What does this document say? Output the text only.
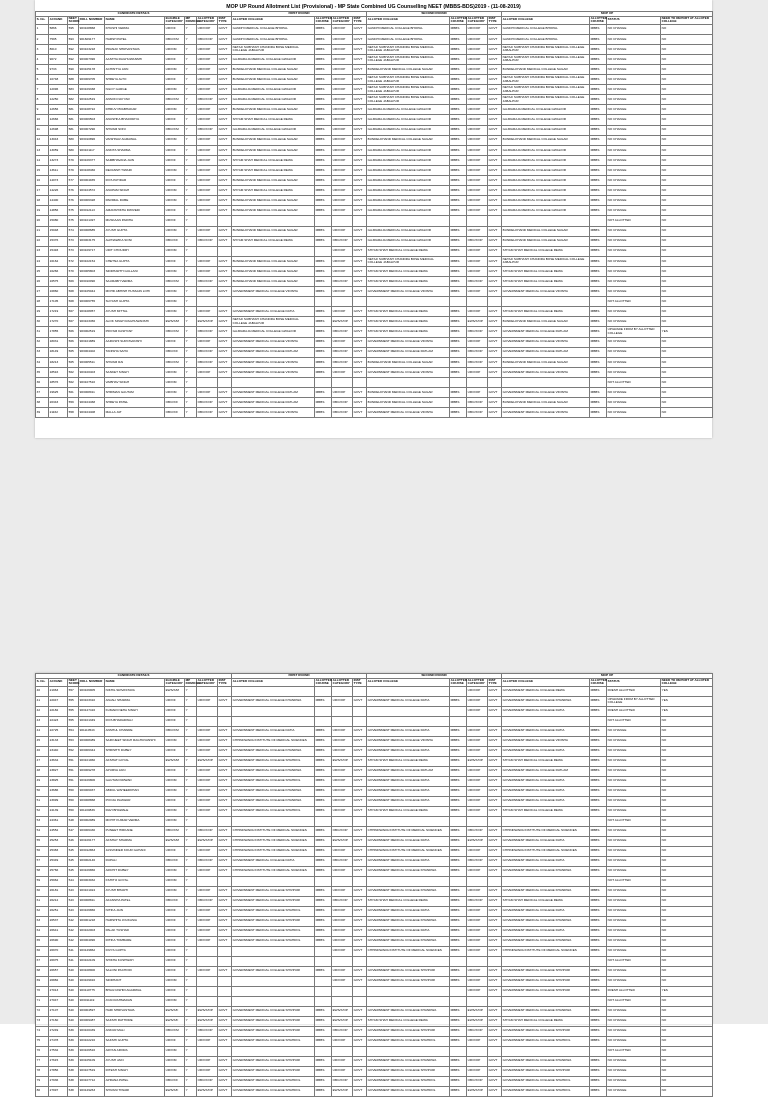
MOP UP Round Allotment List (Provisional) - MP State Combined UG Counselling NEET (MBBS-BDS)2019 - (11-08-2019)
CANDIDATE DETAILS									FIRST ROUND				SECOND ROUND				MOP UP			
S. No.	AI RANK	NEET SCORE	ROLL NUMBER	NAME	ELIGIBLE CATEGORY	MP DOMICILE	ALLOTTED CATEGORY	INST TYPE	ALLOTED COLLEGE	ALLOTTED COURSE	ALLOTTED CATEGORY	INST TYPE	ALLOTED COLLEGE	ALLOTTED COURSE	ALLOTTED CATEGORY	INST TYPE	ALLOTED COLLEGE	ALLOTTED COURSE	STATUS	NEED TO REPORT AT ALLOTED COLLEGE
1	5866	595	903108868	KHUSHI VERMA	UR/X/F	Y	UR/X/OP	GOVT	GANDHI MEDICAL COLLEGE BHOPAL	MBBS	UR/X/OP	GOVT	GANDHI MEDICAL COLLEGE BHOPAL	MBBS	UR/X/OP	GOVT	GANDHI MEDICAL COLLEGE BHOPAL	MBBS	NO CHANGE	NO
2	7595	593	901609177	HARSH PATEL	OBC/X/M	Y	OBC/X/OP	GOVT	GANDHI MEDICAL COLLEGE BHOPAL	MBBS	UR/X/OP	GOVT	GANDHI MEDICAL COLLEGE BHOPAL	MBBS	UR/X/OP	GOVT	GANDHI MEDICAL COLLEGE BHOPAL	MBBS	NO CHANGE	NO
3	8610	592	903103218	PRANAV SHRIVASTAVA	UR/X/M	Y	UR/X/OP	GOVT	NETAJI SUBHASH CHANDRA BOSE MEDICAL COLLEGE JABALPUR	MBBS	UR/X/OP	GOVT	NETAJI SUBHASH CHANDRA BOSE MEDICAL COLLEGE JABALPUR	MBBS	UR/X/OP	GOVT	NETAJI SUBHASH CHANDRA BOSE MEDICAL COLLEGE JABALPUR	MBBS	NO CHANGE	NO
4	9072	592	903007396	AASTHA RAGHUWANSHI	UR/X/F	Y	UR/X/OP	GOVT	GAJRARAJA MEDICAL COLLEGE GWALIOR	MBBS	UR/X/OP	GOVT	NETAJI SUBHASH CHANDRA BOSE MEDICAL COLLEGE JABALPUR	MBBS	UR/X/OP	GOVT	NETAJI SUBHASH CHANDRA BOSE MEDICAL COLLEGE JABALPUR	MBBS	NO CHANGE	NO
5	9733	590	903105178	ACHINTYA JAIN	UR/X/M	Y	UR/X/OP	GOVT	BUNDELKHAND MEDICAL COLLEGE SAGAR	MBBS	UR/X/OP	GOVT	BUNDELKHAND MEDICAL COLLEGE SAGAR	MBBS	UR/X/OP	GOVT	BUNDELKHAND MEDICAL COLLEGE SAGAR	MBBS	NO CHANGE	NO
6	10748	588	903009705	SHREYA ALTO	UR/X/F	Y	UR/X/OP	GOVT	BUNDELKHAND MEDICAL COLLEGE SAGAR	MBBS	UR/X/OP	GOVT	NETAJI SUBHASH CHANDRA BOSE MEDICAL COLLEGE JABALPUR	MBBS	UR/X/OP	GOVT	NETAJI SUBHASH CHANDRA BOSE MEDICAL COLLEGE JABALPUR	MBBS	NO CHANGE	NO
7	12096	583	903109338	NILOY GARGE	UR/X/M	Y	UR/X/OP	GOVT	GAJRARAJA MEDICAL COLLEGE GWALIOR	MBBS	UR/X/OP	GOVT	NETAJI SUBHASH CHANDRA BOSE MEDICAL COLLEGE JABALPUR	MBBS	UR/X/OP	GOVT	NETAJI SUBHASH CHANDRA BOSE MEDICAL COLLEGE JABALPUR	MBBS	NO CHANGE	NO
8	12250	582	903102519	ANSON NAYYAR	OBC/X/M	Y	OBC/X/OP	GOVT	GAJRARAJA MEDICAL COLLEGE GWALIOR	MBBS	UR/X/OP	GOVT	NETAJI SUBHASH CHANDRA BOSE MEDICAL COLLEGE JABALPUR	MBBS	UR/X/OP	GOVT	NETAJI SUBHASH CHANDRA BOSE MEDICAL COLLEGE JABALPUR	MBBS	NO CHANGE	NO
9	12656	581	903108722	DHRUV PRABHAKAR	UR/X/M	Y	UR/X/OP	GOVT	BUNDELKHAND MEDICAL COLLEGE SAGAR	MBBS	UR/X/OP	GOVT	GAJRARAJA MEDICAL COLLEGE GWALIOR	MBBS	UR/X/OP	GOVT	GAJRARAJA MEDICAL COLLEGE GWALIOR	MBBS	NO CHANGE	NO
10	12666	581	903006503	ANUSHKA BHADORIYA	UR/X/F	Y	UR/X/OP	GOVT	SHYAM SHAH MEDICAL COLLEGE REWA	MBBS	UR/X/OP	GOVT	GAJRARAJA MEDICAL COLLEGE GWALIOR	MBBS	UR/X/OP	GOVT	GAJRARAJA MEDICAL COLLEGE GWALIOR	MBBS	NO CHANGE	NO
11	12698	581	903007290	SHIVAM SONI	OBC/X/M	Y	OBC/X/OP	GOVT	GAJRARAJA MEDICAL COLLEGE GWALIOR	MBBS	UR/X/OP	GOVT	GAJRARAJA MEDICAL COLLEGE GWALIOR	MBBS	UR/X/OP	GOVT	GAJRARAJA MEDICAL COLLEGE GWALIOR	MBBS	NO CHANGE	NO
12	13043	580	903010896	VAISHNAV AGRAWAL	UR/X/M	Y	UR/X/OP	GOVT	BUNDELKHAND MEDICAL COLLEGE SAGAR	MBBS	UR/X/OP	GOVT	BUNDELKHAND MEDICAL COLLEGE SAGAR	MBBS	UR/X/OP	GOVT	BUNDELKHAND MEDICAL COLLEGE SAGAR	MBBS	NO CHANGE	NO
13	13059	580	903101117	ANKITA SHARMA	UR/X/F	Y	UR/X/OP	GOVT	BUNDELKHAND MEDICAL COLLEGE SAGAR	MBBS	UR/X/OP	GOVT	GAJRARAJA MEDICAL COLLEGE GWALIOR	MBBS	UR/X/OP	GOVT	GAJRARAJA MEDICAL COLLEGE GWALIOR	MBBS	NO CHANGE	NO
14	13273	579	903106377	SAMBHAVANA JAIN	UR/X/F	Y	UR/X/OP	GOVT	SHYAM SHAH MEDICAL COLLEGE REWA	MBBS	UR/X/OP	GOVT	GAJRARAJA MEDICAL COLLEGE GWALIOR	MBBS	UR/X/OP	GOVT	GAJRARAJA MEDICAL COLLEGE GWALIOR	MBBS	NO CHANGE	NO
15	13611	579	903108466	DEVANSH TIWARI	UR/X/M	Y	UR/X/OP	GOVT	SHYAM SHAH MEDICAL COLLEGE REWA	MBBS	UR/X/OP	GOVT	GAJRARAJA MEDICAL COLLEGE GWALIOR	MBBS	UR/X/OP	GOVT	GAJRARAJA MEDICAL COLLEGE GWALIOR	MBBS	NO CHANGE	NO
16	14073	577	903004935	RIYA PATIDAR	UR/X/F	Y	UR/X/OP	GOVT	BUNDELKHAND MEDICAL COLLEGE SAGAR	MBBS	UR/X/OP	GOVT	GAJRARAJA MEDICAL COLLEGE GWALIOR	MBBS	UR/X/OP	GOVT	GAJRARAJA MEDICAL COLLEGE GWALIOR	MBBS	NO CHANGE	NO
17	14226	576	903104572	ANUPAM SINGH	UR/X/M	Y	UR/X/OP	GOVT	SHYAM SHAH MEDICAL COLLEGE REWA	MBBS	UR/X/OP	GOVT	GAJRARAJA MEDICAL COLLEGE GWALIOR	MBBS	UR/X/OP	GOVT	GAJRARAJA MEDICAL COLLEGE GWALIOR	MBBS	NO CHANGE	NO
18	14400	576	903006328	PARIMAL DUBE	UR/X/M	Y	UR/X/OP	GOVT	BUNDELKHAND MEDICAL COLLEGE SAGAR	MBBS	UR/X/OP	GOVT	GAJRARAJA MEDICAL COLLEGE GWALIOR	MBBS	UR/X/OP	GOVT	GAJRARAJA MEDICAL COLLEGE GWALIOR	MBBS	NO CHANGE	NO
19	14856	575	903012113	AMANSHIKHA DWIVEDI	UR/X/F	Y	UR/X/OP	GOVT	BUNDELKHAND MEDICAL COLLEGE SAGAR	MBBS	UR/X/OP	GOVT	GAJRARAJA MEDICAL COLLEGE GWALIOR	MBBS	UR/X/OP	GOVT	GAJRARAJA MEDICAL COLLEGE GWALIOR	MBBS	NO CHANGE	NO
20	15080	575	903101497	MUSKAAN PARIHA	UR/X/F	Y													NOT ALLOTTED	NO
21	15048	574	903008685	AYUSH GUPTA	UR/X/M	Y	UR/X/OP	GOVT	BUNDELKHAND MEDICAL COLLEGE SAGAR	MBBS	UR/X/OP	GOVT	GAJRARAJA MEDICAL COLLEGE GWALIOR	MBBS	UR/X/OP	GOVT	BUNDELKHAND MEDICAL COLLEGE SAGAR	MBBS	NO CHANGE	NO
22	15376	573	903003175	ALPNAWIKA SONI	OBC/X/F	Y	OBC/X/OP	GOVT	SHYAM SHAH MEDICAL COLLEGE REWA	MBBS	OBC/X/OP	GOVT	GAJRARAJA MEDICAL COLLEGE GWALIOR	MBBS	OBC/X/OP	GOVT	BUNDELKHAND MEDICAL COLLEGE SAGAR	MBBS	NO CHANGE	NO
23	15493	573	903109717	UDIT CHOUDRY	UR/X/M	Y					UR/X/OP	GOVT	SHYAM SHAH MEDICAL COLLEGE REWA	MBBS	UR/X/OP	GOVT	SHYAM SHAH MEDICAL COLLEGE REWA	MBBS	NO CHANGE	NO
24	16162	572	903102154	CHETNA GUPTA	UR/X/F	Y	UR/X/OP	GOVT	BUNDELKHAND MEDICAL COLLEGE SAGAR	MBBS	UR/X/OP	GOVT	NETAJI SUBHASH CHANDRA BOSE MEDICAL COLLEGE JABALPUR	MBBS	UR/X/OP	GOVT	NETAJI SUBHASH CHANDRA BOSE MEDICAL COLLEGE JABALPUR	MBBS	NO CHANGE	NO
25	16266	570	903005803	SIDDHARTH GULLANI	UR/X/M	Y	UR/X/OP	GOVT	BUNDELKHAND MEDICAL COLLEGE SAGAR	MBBS	UR/X/OP	GOVT	SHYAM SHAH MEDICAL COLLEGE REWA	MBBS	UR/X/OP	GOVT	SHYAM SHAH MEDICAL COLLEGE REWA	MBBS	NO CHANGE	NO
26	16575	569	903010090	SAURABH VERMA	OBC/X/M	Y	OBC/X/OP	GOVT	BUNDELKHAND MEDICAL COLLEGE SAGAR	MBBS	OBC/X/OP	GOVT	SHYAM SHAH MEDICAL COLLEGE REWA	MBBS	OBC/X/OP	GOVT	SHYAM SHAH MEDICAL COLLEGE REWA	MBBS	NO CHANGE	NO
27	16860	568	903105044	MOHD ABHISH HUSSAIN LOHI	UR/X/M	Y	UR/X/OP	GOVT	GOVERNMENT MEDICAL COLLEGE VIDISHA	MBBS	UR/X/OP	GOVT	GOVERNMENT MEDICAL COLLEGE VIDISHA	MBBS	UR/X/OP	GOVT	GOVERNMENT MEDICAL COLLEGE VIDISHA	MBBS	NO CHANGE	NO
28	17105	568	903006755	SUYASH GUPTA	UR/X/M	Y													NOT ALLOTTED	NO
29	17219	567	903108057	AYUSH MITTAL	UR/X/M	Y	UR/X/OP	GOVT	GOVERNMENT MEDICAL COLLEGE DATIA	MBBS	UR/X/OP	GOVT	SHYAM SHAH MEDICAL COLLEGE REWA	MBBS	UR/X/OP	GOVT	SHYAM SHAH MEDICAL COLLEGE REWA	MBBS	NO CHANGE	NO
30	17270	567	903103456	ALOK SINGH RAGHUWANSHI	EWS/X/M	Y	EWS/X/OP	GOVT	NETAJI SUBHASH CHANDRA BOSE MEDICAL COLLEGE JABALPUR	MBBS	EWS/X/OP	GOVT	SHYAM SHAH MEDICAL COLLEGE REWA	MBBS	EWS/X/OP	GOVT	BUNDELKHAND MEDICAL COLLEGE SAGAR	MBBS	NO CHANGE	NO
31	17855	566	903002519	PRIYAM KASHYAP	OBC/X/M	Y	OBC/X/OP	GOVT	GAJRARAJA MEDICAL COLLEGE GWALIOR	MBBS	OBC/X/OP	GOVT	SHYAM SHAH MEDICAL COLLEGE REWA	MBBS	OBC/X/OP	GOVT	GOVERNMENT MEDICAL COLLEGE RATLAM	MBBS	UPGRADE FROM BY ALLOTTED COLLEGE	YES
32	18031	566	903101889	AARUSHI SURYAVANSHI	UR/X/F	Y	UR/X/OP	GOVT	GOVERNMENT MEDICAL COLLEGE VIDISHA	MBBS	UR/X/OP	GOVT	GOVERNMENT MEDICAL COLLEGE VIDISHA	MBBS	UR/X/OP	GOVT	GOVERNMENT MEDICAL COLLEGE VIDISHA	MBBS	NO CHANGE	NO
33	18149	565	903004402	TANISHA SAHU	OBC/X/F	Y	OBC/X/OP	GOVT	GOVERNMENT MEDICAL COLLEGE RATLAM	MBBS	OBC/X/OP	GOVT	GOVERNMENT MEDICAL COLLEGE RATLAM	MBBS	OBC/X/OP	GOVT	GOVERNMENT MEDICAL COLLEGE RATLAM	MBBS	NO CHANGE	NO
34	18213	565	903005511	SHIVAM RAI	OBC/X/M	Y	OBC/X/OP	GOVT	GOVERNMENT MEDICAL COLLEGE VIDISHA	MBBS	OBC/X/OP	GOVT	BUNDELKHAND MEDICAL COLLEGE SAGAR	MBBS	OBC/X/OP	GOVT	BUNDELKHAND MEDICAL COLLEGE SAGAR	MBBS	NO CHANGE	NO
35	18516	562	903100403	SANKET SINGH	UR/X/M	Y	UR/X/OP	GOVT	GOVERNMENT MEDICAL COLLEGE VIDISHA	MBBS	UR/X/OP	GOVT	GOVERNMENT MEDICAL COLLEGE VIDISHA	MBBS	UR/X/OP	GOVT	GOVERNMENT MEDICAL COLLEGE VIDISHA	MBBS	NO CHANGE	NO
36	18576	562	903107510	VAIBHAV SINGH	UR/X/M	Y													NOT ALLOTTED	NO
37	19625	561	903008911	SHRIMAN GAUTAM	UR/X/M	Y	UR/X/OP	GOVT	GOVERNMENT MEDICAL COLLEGE RATLAM	MBBS	UR/X/OP	GOVT	BUNDELKHAND MEDICAL COLLEGE SAGAR	MBBS	UR/X/OP	GOVT	GOVERNMENT MEDICAL COLLEGE VIDISHA	MBBS	NO CHANGE	NO
38	20343	559	903104468	SHREYA PATEL	OBC/X/F	Y	OBC/X/OP	GOVT	GOVERNMENT MEDICAL COLLEGE RATLAM	MBBS	OBC/X/OP	GOVT	BUNDELKHAND MEDICAL COLLEGE SAGAR	MBBS	OBC/X/OP	GOVT	BUNDELKHAND MEDICAL COLLEGE SAGAR	MBBS	NO CHANGE	NO
39	21162	558	903104408	MALLA JAT	OBC/X/F	Y	OBC/X/OP	GOVT	GOVERNMENT MEDICAL COLLEGE VIDISHA	MBBS	OBC/X/OP	GOVT	GOVERNMENT MEDICAL COLLEGE VIDISHA	MBBS	OBC/X/OP	GOVT	GOVERNMENT MEDICAL COLLEGE VIDISHA	MBBS	NO CHANGE	NO
CANDIDATE DETAILS									FIRST ROUND				SECOND ROUND				MOP UP			
S. No.	AI RANK	NEET SCORE	ROLL NUMBER	NAME	ELIGIBLE CATEGORY	MP DOMICILE	ALLOTTED CATEGORY	INST TYPE	ALLOTED COLLEGE	ALLOTTED COURSE	ALLOTTED CATEGORY	INST TYPE	ALLOTED COLLEGE	ALLOTTED COURSE	ALLOTTED CATEGORY	INST TYPE	ALLOTED COLLEGE	ALLOTTED COURSE	STATUS	NEED TO REPORT AT ALLOTED COLLEGE
40	21963	557	903106905	NIKHIL SRIVASTAVA	EWS/X/M	Y									UR/X/OP	GOVT	GOVERNMENT MEDICAL COLLEGE REWA	MBBS	FRESH ALLOTTED	YES
41	22047	555	903103310	ANJALI SHARMA	UR/X/F	Y	UR/X/OP	GOVT	GOVERNMENT MEDICAL COLLEGE KHANDWA	MBBS	UR/X/OP	GOVT	GOVERNMENT MEDICAL COLLEGE DATIA	MBBS	UR/X/OP	GOVT	GOVERNMENT MEDICAL COLLEGE KHANDWA	MBBS	UPGRADE FROM BY ALLOTTED COLLEGE	YES
42	22182	555	903127416	KUMARI NEHA SINGH	UR/X/F	Y									UR/X/OP	GOVT	GOVERNMENT MEDICAL COLLEGE DATIA	MBBS	FRESH ALLOTTED	YES
43	22423	555	903101349	RIYA BHARADWAJ	UR/X/F	Y													NOT ALLOTTED	NO
44	22725	554	901110543	ANSHUL CHAWRE	OBC/X/M	Y	UR/X/OP	GOVT	GOVERNMENT MEDICAL COLLEGE DATIA	MBBS	UR/X/OP	GOVT	GOVERNMENT MEDICAL COLLEGE DATIA	MBBS	UR/X/OP	GOVT	GOVERNMENT MEDICAL COLLEGE DATIA	MBBS	NO CHANGE	NO
45	23133	553	903008489	SARVJEET SINGH RAGHUVANSHI	UR/X/M	Y	UR/X/OP	GOVT	CHHINDWARA INSTITUTE OF MEDICAL SCIENCES	MBBS	UR/X/OP	GOVT	GOVERNMENT MEDICAL COLLEGE VIDISHA	MBBS	UR/X/OP	GOVT	GOVERNMENT MEDICAL COLLEGE VIDISHA	MBBS	NO CHANGE	NO
46	23440	552	903006344	SHRISHTI DUBEY	UR/X/F	Y	UR/X/OP	GOVT	GOVERNMENT MEDICAL COLLEGE KHANDWA	MBBS	UR/X/OP	GOVT	GOVERNMENT MEDICAL COLLEGE DATIA	MBBS	UR/X/OP	GOVT	GOVERNMENT MEDICAL COLLEGE DATIA	MBBS	NO CHANGE	NO
47	23634	551	903101960	AKSHAT GOYAL	EWS/X/M	Y	EWS/X/OP	GOVT	GOVERNMENT MEDICAL COLLEGE SHAHDOL	MBBS	EWS/X/OP	GOVT	SHYAM SHAH MEDICAL COLLEGE REWA	MBBS	EWS/X/OP	GOVT	SHYAM SHAH MEDICAL COLLEGE REWA	MBBS	NO CHANGE	NO
48	23827	551	903009278	APURVA JAIN	UR/X/F	Y	UR/X/OP	GOVT	GOVERNMENT MEDICAL COLLEGE KHANDWA	MBBS	UR/X/OP	GOVT	GOVERNMENT MEDICAL COLLEGE RATLAM	MBBS	UR/X/OP	GOVT	GOVERNMENT MEDICAL COLLEGE RATLAM	MBBS	NO CHANGE	NO
49	23825	551	903106806	GAUTAM KIRWAD	UR/X/M	Y	UR/X/OP	GOVT	GOVERNMENT MEDICAL COLLEGE SHAHDOL	MBBS	UR/X/OP	GOVT	GOVERNMENT MEDICAL COLLEGE DATIA	MBBS	UR/X/OP	GOVT	GOVERNMENT MEDICAL COLLEGE DATIA	MBBS	NO CHANGE	NO
50	23686	550	903006037	ABDUL WAHEEDKHAN	UR/X/M	Y	UR/X/OP	GOVT	GOVERNMENT MEDICAL COLLEGE KHANDWA	MBBS	UR/X/OP	GOVT	GOVERNMENT MEDICAL COLLEGE DATIA	MBBS	UR/X/OP	GOVT	GOVERNMENT MEDICAL COLLEGE DATIA	MBBS	NO CHANGE	NO
51	23999	550	903008868	POOJA INJAWAR	UR/X/F	Y	UR/X/OP	GOVT	GOVERNMENT MEDICAL COLLEGE KHANDWA	MBBS	UR/X/OP	GOVT	GOVERNMENT MEDICAL COLLEGE DATIA	MBBS	UR/X/OP	GOVT	GOVERNMENT MEDICAL COLLEGE DATIA	MBBS	NO CHANGE	NO
52	24139	550	901100839	RAVI BHAWALE	UR/X/M	Y	UR/X/OP	GOVT	GOVERNMENT MEDICAL COLLEGE SHAHDOL	MBBS	UR/X/OP	GOVT	SHYAM SHAH MEDICAL COLLEGE REWA	MBBS	UR/X/OP	GOVT	SHYAM SHAH MEDICAL COLLEGE REWA	MBBS	NO CHANGE	NO
53	24361	548	903002989	MOHIT KUMAR VERMA	UR/X/M	Y													NOT ALLOTTED	NO
54	24552	547	903006430	PUNEET HIRKANE	OBC/X/M	Y	OBC/X/OP	GOVT	CHHINDWARA INSTITUTE OF MEDICAL SCIENCES	MBBS	OBC/X/OP	GOVT	CHHINDWARA INSTITUTE OF MEDICAL SCIENCES	MBBS	OBC/X/OP	GOVT	CHHINDWARA INSTITUTE OF MEDICAL SCIENCES	MBBS	NO CHANGE	NO
55	25253	546	903106177	AKSHAY SHARMA	EWS/X/M	Y	EWS/X/OP	GOVT	CHHINDWARA INSTITUTE OF MEDICAL SCIENCES	MBBS	EWS/X/OP	GOVT	GOVERNMENT MEDICAL COLLEGE DATIA	MBBS	EWS/X/OP	GOVT	GOVERNMENT MEDICAL COLLEGE DATIA	MBBS	NO CHANGE	NO
56	25383	545	903012863	JASVINDER KOUR GAHANI	UR/X/F	Y	UR/X/OP	GOVT	CHHINDWARA INSTITUTE OF MEDICAL SCIENCES	MBBS	UR/X/OP	GOVT	CHHINDWARA INSTITUTE OF MEDICAL SCIENCES	MBBS	UR/X/OP	GOVT	CHHINDWARA INSTITUTE OF MEDICAL SCIENCES	MBBS	NO CHANGE	NO
57	25349	545	903002146	RUPALI	OBC/X/F	Y	OBC/X/OP	GOVT	GOVERNMENT MEDICAL COLLEGE DATIA	MBBS	OBC/X/OP	GOVT	GOVERNMENT MEDICAL COLLEGE DATIA	MBBS	OBC/X/OP	GOVT	GOVERNMENT MEDICAL COLLEGE DATIA	MBBS	NO CHANGE	NO
58	25766	545	903106866	ARCHIT DUBEY	UR/X/M	Y	UR/X/OP	GOVT	CHHINDWARA INSTITUTE OF MEDICAL SCIENCES	MBBS	UR/X/OP	GOVT	GOVERNMENT MEDICAL COLLEGE KHANDWA	MBBS	UR/X/OP	GOVT	GOVERNMENT MEDICAL COLLEGE KHANDWA	MBBS	NO CHANGE	NO
59	25962	544	903003032	KSHITIJ GOYAL	UR/X/M	Y													NOT ALLOTTED	NO
60	26181	543	903101024	AYUSH BHARTI	UR/X/M	Y	UR/X/OP	GOVT	GOVERNMENT MEDICAL COLLEGE SHIVPURI	MBBS	UR/X/OP	GOVT	GOVERNMENT MEDICAL COLLEGE KHANDWA	MBBS	UR/X/OP	GOVT	GOVERNMENT MEDICAL COLLEGE KHANDWA	MBBS	NO CHANGE	NO
61	26212	543	903008811	AKANSHA PATEL	OBC/X/F	Y	OBC/X/OP	GOVT	GOVERNMENT MEDICAL COLLEGE SHIVPURI	MBBS	OBC/X/OP	GOVT	SHYAM SHAH MEDICAL COLLEGE REWA	MBBS	OBC/X/OP	GOVT	SHYAM SHAH MEDICAL COLLEGE REWA	MBBS	NO CHANGE	NO
62	26251	543	903106866	NITIKA JAIN	UR/X/F	Y	UR/X/OP	GOVT	GOVERNMENT MEDICAL COLLEGE SHAHDOL	MBBS	UR/X/OP	GOVT	GOVERNMENT MEDICAL COLLEGE DATIA	MBBS	UR/X/OP	GOVT	GOVERNMENT MEDICAL COLLEGE DATIA	MBBS	NO CHANGE	NO
63	26537	542	903001218	HARSHITA JOUKASIA	UR/X/F	Y	UR/X/OP	GOVT	GOVERNMENT MEDICAL COLLEGE SHIVPURI	MBBS	UR/X/OP	GOVT	GOVERNMENT MEDICAL COLLEGE KHANDWA	MBBS	UR/X/OP	GOVT	GOVERNMENT MEDICAL COLLEGE KHANDWA	MBBS	NO CHANGE	NO
64	26641	542	903102003	PALAK TUSHAR	UR/X/F	Y	UR/X/OP	GOVT	GOVERNMENT MEDICAL COLLEGE SHAHDOL	MBBS	UR/X/OP	GOVT	GOVERNMENT MEDICAL COLLEGE DATIA	MBBS	UR/X/OP	GOVT	GOVERNMENT MEDICAL COLLEGE DATIA	MBBS	NO CHANGE	NO
65	26690	542	903004096	RITIKA TOMBARE	UR/X/F	Y	UR/X/OP	GOVT	GOVERNMENT MEDICAL COLLEGE SHAHDOL	MBBS	UR/X/OP	GOVT	GOVERNMENT MEDICAL COLLEGE KHANDWA	MBBS	UR/X/OP	GOVT	GOVERNMENT MEDICAL COLLEGE KHANDWA	MBBS	NO CHANGE	NO
66	26970	541	903129862	DIVYA GUPTA	UR/X/F	Y					UR/X/OP	GOVT	CHHINDWARA INSTITUTE OF MEDICAL SCIENCES	MBBS	UR/X/OP	GOVT	CHHINDWARA INSTITUTE OF MEDICAL SCIENCES	MBBS	NO CHANGE	NO
67	26975	541	903102109	SHIKHA KUSHWAH	UR/X/F	Y													NOT ALLOTTED	NO
68	26657	540	903108900	SALONI PACHORI	UR/X/F	Y	UR/X/OP	GOVT	GOVERNMENT MEDICAL COLLEGE SHIVPURI	MBBS	UR/X/OP	GOVT	GOVERNMENT MEDICAL COLLEGE SHIVPURI	MBBS	UR/X/OP	GOVT	GOVERNMENT MEDICAL COLLEGE SHIVPURI	MBBS	NO CHANGE	NO
69	26882	540	903109916	SIDDHANT	UR/X/M	Y					UR/X/OP	GOVT	GOVERNMENT MEDICAL COLLEGE SHIVPURI	MBBS	UR/X/OP	GOVT	GOVERNMENT MEDICAL COLLEGE SHIVPURI	MBBS	NO CHANGE	NO
70	27013	540	903110775	BHAGYASHRI AGARWAL	UR/X/F	Y									UR/X/OP	GOVT	GOVERNMENT MEDICAL COLLEGE SHIVPURI	MBBS	FRESH ALLOTTED	YES
71	27047	540	903011119	AYAN RAHMADAN	UR/X/M	Y													NOT ALLOTTED	NO
72	27107	540	903004597	HARI SHRIVASTAVA	EWS/X/F	Y	EWS/X/OP	GOVT	GOVERNMENT MEDICAL COLLEGE SHIVPURI	MBBS	EWS/X/OP	GOVT	GOVERNMENT MEDICAL COLLEGE KHANDWA	MBBS	EWS/X/OP	GOVT	GOVERNMENT MEDICAL COLLEGE KHANDWA	MBBS	NO CHANGE	NO
73	27160	540	903009487	SAKSHI RATHORE	EWS/X/F	Y	EWS/X/OP	GOVT	GOVERNMENT MEDICAL COLLEGE SHIVPURI	MBBS	EWS/X/OP	GOVT	SHYAM SHAH MEDICAL COLLEGE REWA	MBBS	EWS/X/OP	GOVT	SHYAM SHAH MEDICAL COLLEGE REWA	MBBS	NO CHANGE	NO
74	27249	539	903100439	ANKUR MALI	OBC/X/M	Y	OBC/X/OP	GOVT	GOVERNMENT MEDICAL COLLEGE SHIVPURI	MBBS	OBC/X/OP	GOVT	GOVERNMENT MEDICAL COLLEGE SHIVPURI	MBBS	OBC/X/OP	GOVT	GOVERNMENT MEDICAL COLLEGE SHIVPURI	MBBS	NO CHANGE	NO
75	27478	539	903102216	SAKSHI GUPTA	UR/X/F	Y	UR/X/OP	GOVT	GOVERNMENT MEDICAL COLLEGE SHAHDOL	MBBS	UR/X/OP	GOVT	GOVERNMENT MEDICAL COLLEGE SHAHDOL	MBBS	UR/X/OP	GOVT	GOVERNMENT MEDICAL COLLEGE SHAHDOL	MBBS	NO CHANGE	NO
76	27532	539	903106516	ARYAN ARORA	UR/X/M	Y													NOT ALLOTTED	NO
77	27615	539	903105109	AYUSH JAIN	UR/X/M	Y	UR/X/OP	GOVT	GOVERNMENT MEDICAL COLLEGE SHIVPURI	MBBS	UR/X/OP	GOVT	GOVERNMENT MEDICAL COLLEGE KHANDWA	MBBS	UR/X/OP	GOVT	GOVERNMENT MEDICAL COLLEGE KHANDWA	MBBS	NO CHANGE	NO
78	27856	538	903107519	RITESH SINGH	UR/X/M	Y	UR/X/OP	GOVT	GOVERNMENT MEDICAL COLLEGE SHIVPURI	MBBS	UR/X/OP	GOVT	GOVERNMENT MEDICAL COLLEGE SHIVPURI	MBBS	UR/X/OP	GOVT	GOVERNMENT MEDICAL COLLEGE SHIVPURI	MBBS	NO CHANGE	NO
79	27936	538	903107712	APRANA PATEL	OBC/X/F	Y	OBC/X/OP	GOVT	GOVERNMENT MEDICAL COLLEGE SHAHDOL	MBBS	OBC/X/OP	GOVT	GOVERNMENT MEDICAL COLLEGE SHAHDOL	MBBS	OBC/X/OP	GOVT	GOVERNMENT MEDICAL COLLEGE SHAHDOL	MBBS	NO CHANGE	NO
80	27997	538	903129263	SHIVANI TIWARI	EWS/X/F	Y	EWS/X/OP	GOVT	GOVERNMENT MEDICAL COLLEGE SHAHDOL	MBBS	EWS/X/OP	GOVT	GOVERNMENT MEDICAL COLLEGE SHAHDOL	MBBS	EWS/X/OP	GOVT	GOVERNMENT MEDICAL COLLEGE SHAHDOL	MBBS	NO CHANGE	NO
